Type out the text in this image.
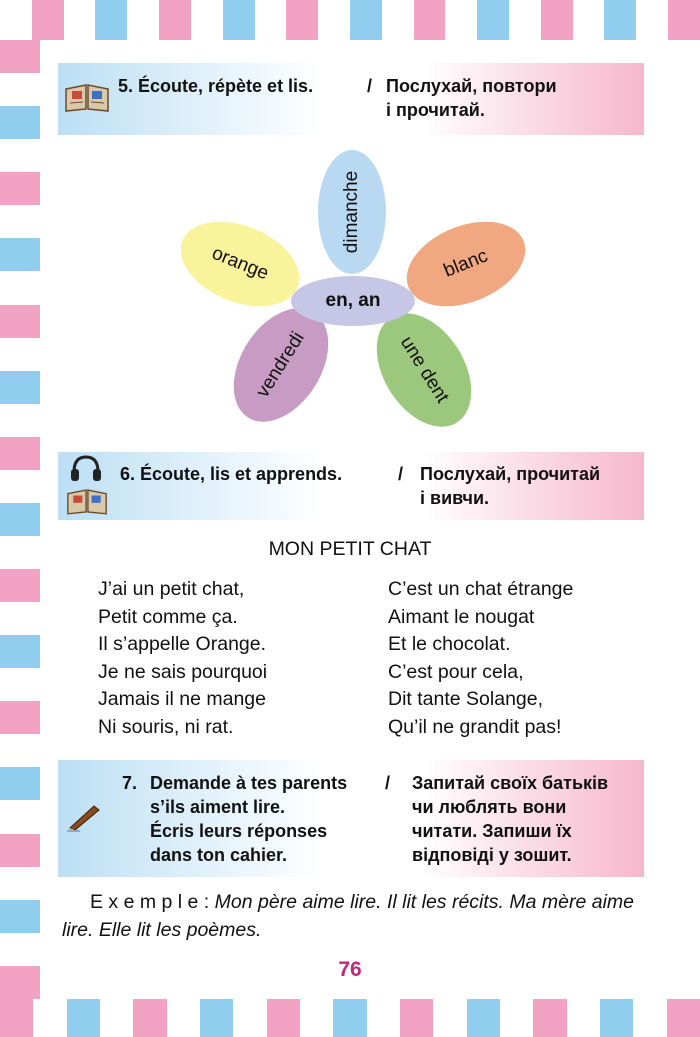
5. Écoute, répète et lis.	/ Послухай, повтори
і прочитай.
dimanche
orange	blanc
vendredi	une dent
en, an
6. Écoute, lis et apprends.	/ Послухай, прочитай
і вивчи.
MON PETIT CHAT
J’ai un petit chat,
Petit comme ça.
Il s’appelle Orange.
Je ne sais pourquoi
Jamais il ne mange
Ni souris, ni rat.
C’est un chat étrange
Aimant le nougat
Et le chocolat.
C’est pour cela,
Dit tante Solange,
Qu’il ne grandit pas!
7. Demande à tes parents
s’ils aiment lire.
Écris leurs réponses
dans ton cahier.
/ Запитай своїх батьків
чи люблять вони
читати. Запиши їх
відповіді у зошит.
E x e m p l e : Mon père aime lire. Il lit les récits. Ma mère aime lire. Elle lit les poèmes.
76
